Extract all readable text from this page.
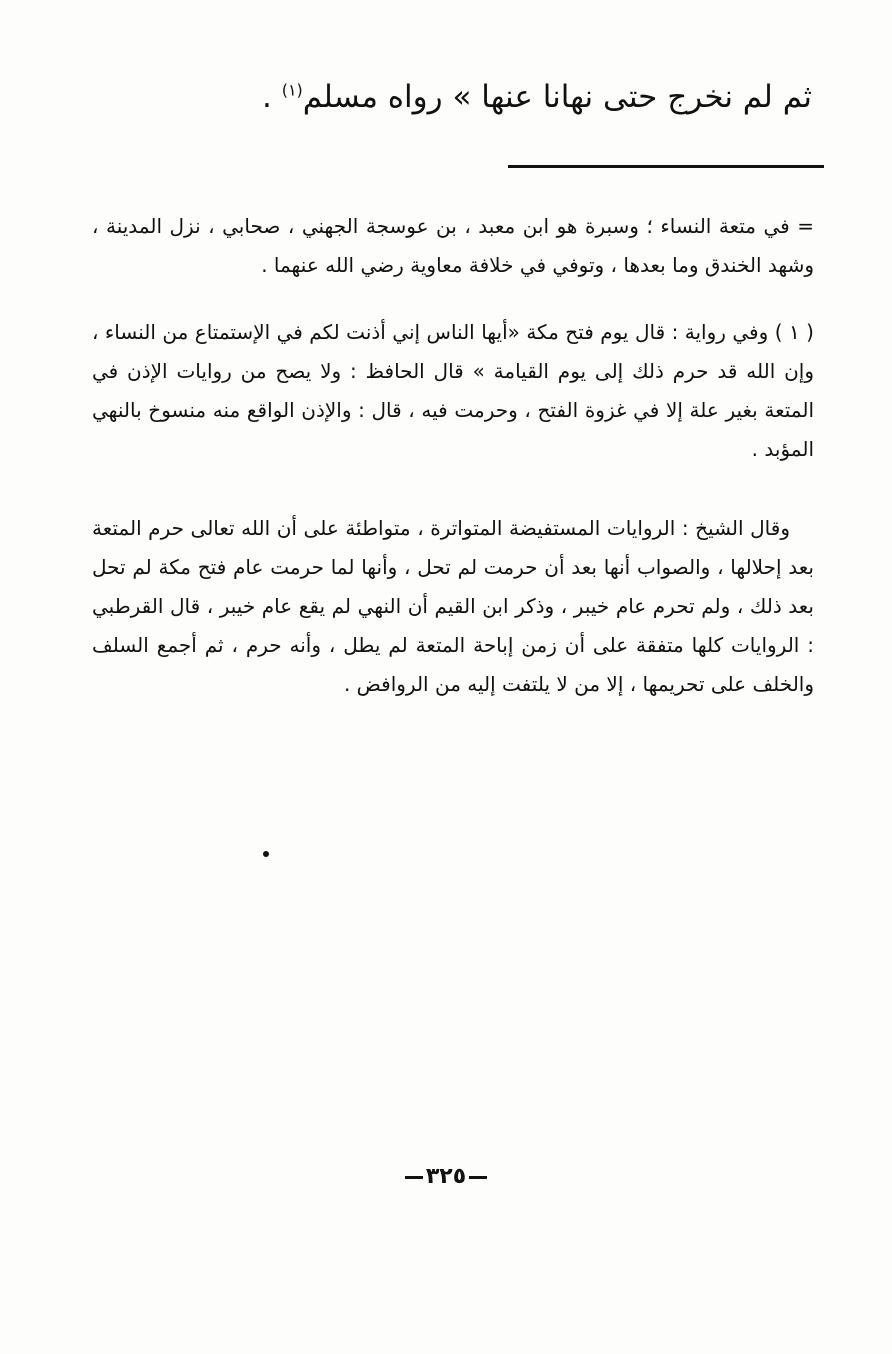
ثم لم نخرج حتى نهانا عنها » رواه مسلم$^{(١)}$ .

= في متعة النساء ؛ وسبرة هو ابن معبد ، بن عوسجة الجهني ، صحابي ، نزل المدينة ، وشهد الخندق وما بعدها ، وتوفي في خلافة معاوية رضي الله عنهما .

( ١ ) وفي رواية : قال يوم فتح مكة «أيها الناس إني أذنت لكم في الإستمتاع من النساء ، وإن الله قد حرم ذلك إلى يوم القيامة » قال الحافظ : ولا يصح من روايات الإذن في المتعة بغير علة إلا في غزوة الفتح ، وحرمت فيه ، قال : والإذن الواقع منه منسوخ بالنهي المؤبد .

وقال الشيخ : الروايات المستفيضة المتواترة ، متواطئة على أن الله تعالى حرم المتعة بعد إحلالها ، والصواب أنها بعد أن حرمت لم تحل ، وأنها لما حرمت عام فتح مكة لم تحل بعد ذلك ، ولم تحرم عام خيبر ، وذكر ابن القيم أن النهي لم يقع عام خيبر ، قال القرطبي : الروايات كلها متفقة على أن زمن إباحة المتعة لم يطل ، وأنه حرم ، ثم أجمع السلف والخلف على تحريمها ، إلا من لا يلتفت إليه من الروافض .

٣٢٥
